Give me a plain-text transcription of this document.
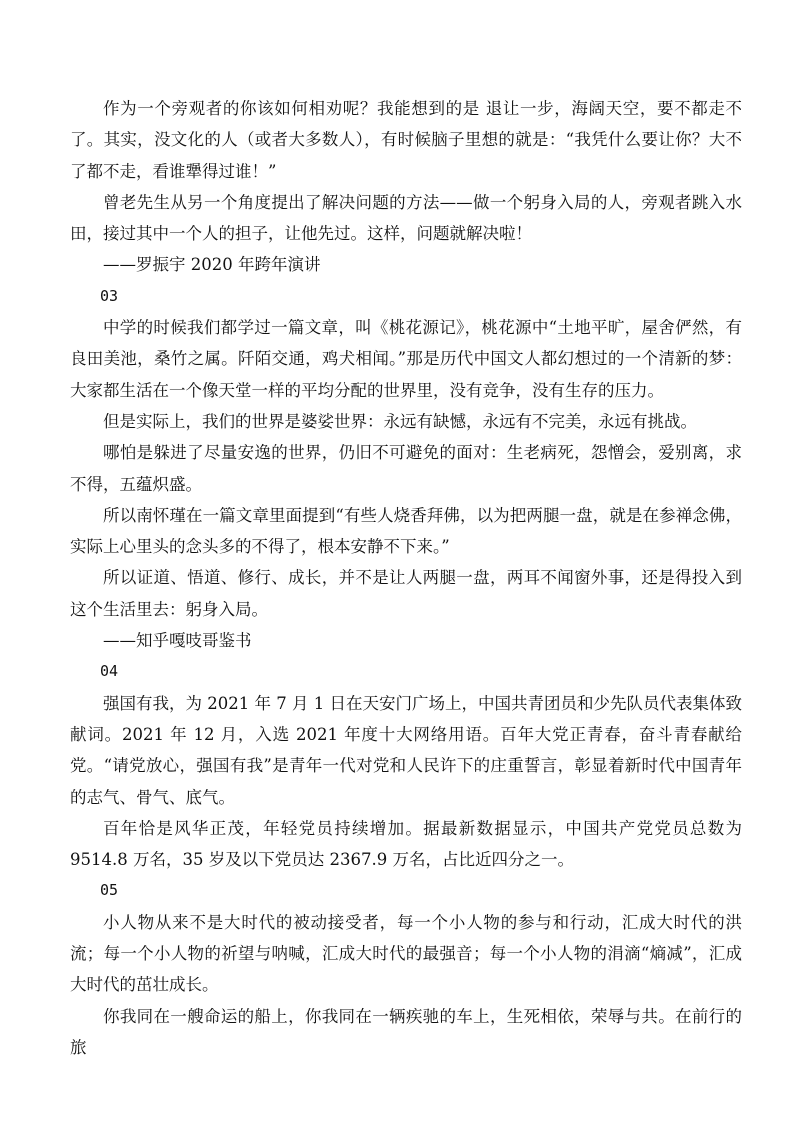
作为一个旁观者的你该如何相劝呢？我能想到的是 退让一步，海阔天空，要不都走不了。其实，没文化的人（或者大多数人），有时候脑子里想的就是：“我凭什么要让你？大不了都不走，看谁犟得过谁！”

曾老先生从另一个角度提出了解决问题的方法——做一个躬身入局的人，旁观者跳入水田，接过其中一个人的担子，让他先过。这样，问题就解决啦！

——罗振宇 2020 年跨年演讲

03

中学的时候我们都学过一篇文章，叫《桃花源记》，桃花源中“土地平旷，屋舍俨然，有良田美池，桑竹之属。阡陌交通，鸡犬相闻。”那是历代中国文人都幻想过的一个清新的梦：大家都生活在一个像天堂一样的平均分配的世界里，没有竞争，没有生存的压力。

但是实际上，我们的世界是婆娑世界：永远有缺憾，永远有不完美，永远有挑战。

哪怕是躲进了尽量安逸的世界，仍旧不可避免的面对：生老病死，怨憎会，爱别离，求不得，五蕴炽盛。

所以南怀瑾在一篇文章里面提到“有些人烧香拜佛，以为把两腿一盘，就是在参禅念佛，实际上心里头的念头多的不得了，根本安静不下来。”

所以证道、悟道、修行、成长，并不是让人两腿一盘，两耳不闻窗外事，还是得投入到这个生活里去：躬身入局。

——知乎嘎吱哥鉴书

04

强国有我，为 2021 年 7 月 1 日在天安门广场上，中国共青团员和少先队员代表集体致献词。2021 年 12 月，入选 2021 年度十大网络用语。百年大党正青春，奋斗青春献给党。“请党放心，强国有我”是青年一代对党和人民许下的庄重誓言，彰显着新时代中国青年的志气、骨气、底气。

百年恰是风华正茂，年轻党员持续增加。据最新数据显示，中国共产党党员总数为 9514.8 万名，35 岁及以下党员达 2367.9 万名，占比近四分之一。

05

小人物从来不是大时代的被动接受者，每一个小人物的参与和行动，汇成大时代的洪流；每一个小人物的祈望与呐喊，汇成大时代的最强音；每一个小人物的涓滴“熵减”，汇成大时代的茁壮成长。

你我同在一艘命运的船上，你我同在一辆疾驰的车上，生死相依，荣辱与共。在前行的旅
